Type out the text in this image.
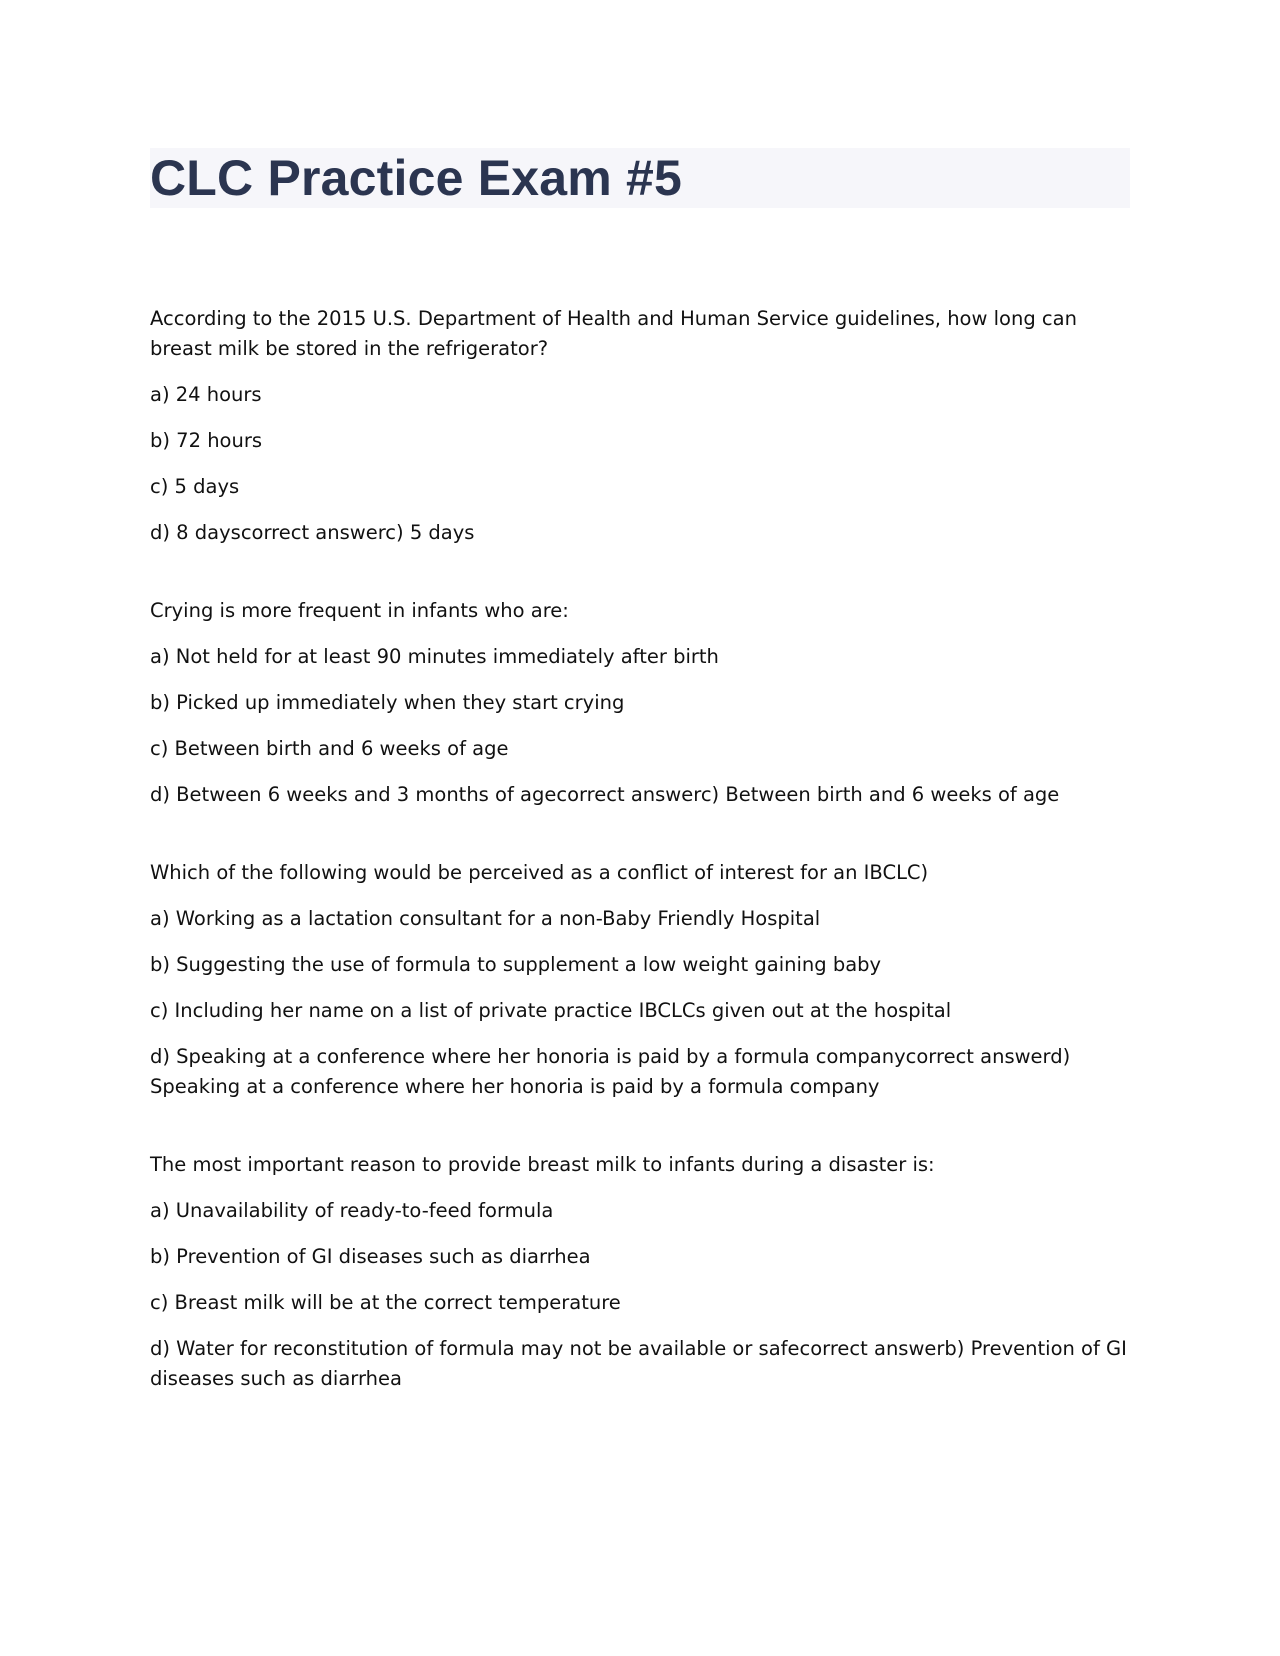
CLC Practice Exam #5

According to the 2015 U.S. Department of Health and Human Service guidelines, how long can breast milk be stored in the refrigerator?

a) 24 hours

b) 72 hours

c) 5 days

d) 8 dayscorrect answerc) 5 days

Crying is more frequent in infants who are:

a) Not held for at least 90 minutes immediately after birth

b) Picked up immediately when they start crying

c) Between birth and 6 weeks of age

d) Between 6 weeks and 3 months of agecorrect answerc) Between birth and 6 weeks of age

Which of the following would be perceived as a conflict of interest for an IBCLC)

a) Working as a lactation consultant for a non-Baby Friendly Hospital

b) Suggesting the use of formula to supplement a low weight gaining baby

c) Including her name on a list of private practice IBCLCs given out at the hospital

d) Speaking at a conference where her honoria is paid by a formula companycorrect answerd) Speaking at a conference where her honoria is paid by a formula company

The most important reason to provide breast milk to infants during a disaster is:

a) Unavailability of ready-to-feed formula

b) Prevention of GI diseases such as diarrhea

c) Breast milk will be at the correct temperature

d) Water for reconstitution of formula may not be available or safecorrect answerb) Prevention of GI diseases such as diarrhea
